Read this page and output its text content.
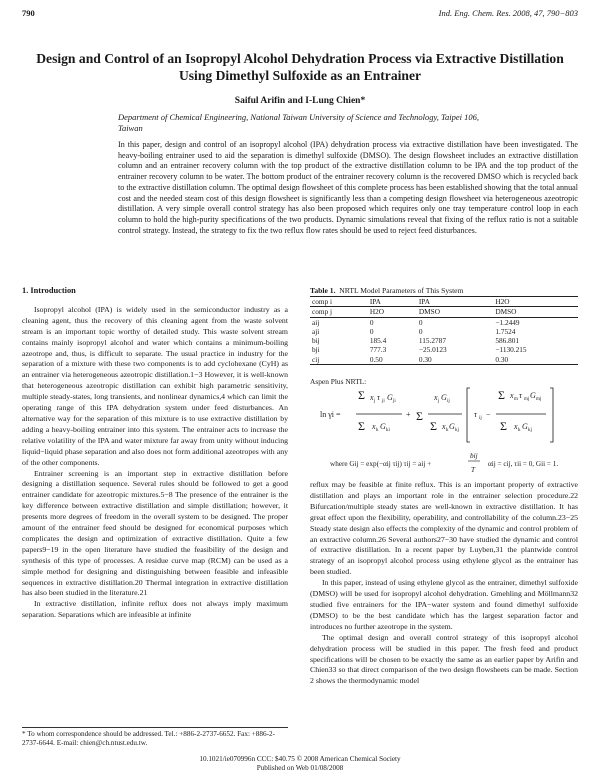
790	Ind. Eng. Chem. Res. 2008, 47, 790−803
Design and Control of an Isopropyl Alcohol Dehydration Process via Extractive Distillation Using Dimethyl Sulfoxide as an Entrainer
Saiful Arifin and I-Lung Chien*
Department of Chemical Engineering, National Taiwan University of Science and Technology, Taipei 106, Taiwan

In this paper, design and control of an isopropyl alcohol (IPA) dehydration process via extractive distillation have been investigated. The heavy-boiling entrainer used to aid the separation is dimethyl sulfoxide (DMSO). The design flowsheet includes an extractive distillation column and an entrainer recovery column with the top product of the extractive distillation column to be IPA and the top product of the entrainer recovery column to be water. The bottom product of the entrainer recovery column is the recovered DMSO which is recycled back to the extractive distillation column. The optimal design flowsheet of this complete process has been established showing that the total annual cost and the needed steam cost of this design flowsheet is significantly less than a competing design flowsheet via heterogeneous azeotropic distillation. A very simple overall control strategy has also been proposed which requires only one tray temperature control loop in each column to hold the high-purity specifications of the two products. Dynamic simulations reveal that fixing of the reflux ratio is not a suitable control strategy. Instead, the strategy to fix the two reflux flow rates should be used to reject feed disturbances.

1. Introduction

Isopropyl alcohol (IPA) is widely used in the semiconductor industry as a cleaning agent, thus the recovery of this cleaning agent from the waste solvent stream is an important topic worthy of detailed study. This waste solvent stream contains mainly isopropyl alcohol and water which contains a minimum-boiling azeotrope and, thus, is difficult to separate. The usual practice in industry for the separation of a mixture with these two components is to add cyclohexane (CyH) as an entrainer via heterogeneous azeotropic distillation.1−3 However, it is well-known that heterogeneous azeotropic distillation can exhibit high parametric sensitivity, multiple steady-states, long transients, and nonlinear dynamics,4 which can limit the operating range of this IPA dehydration system under feed disturbances. An alternative way for the separation of this mixture is to use extractive distillation by adding a heavy-boiling entrainer into this system. The entrainer acts to increase the relative volatility of the IPA and water mixture far away from unity without inducing liquid−liquid phase separation and also does not form additional azeotropes with any of the other components.

Entrainer screening is an important step in extractive distillation before designing a distillation sequence. Several rules should be followed to get a good entrainer candidate for azeotropic mixtures.5−8 The presence of the entrainer is the key difference between extractive distillation and simple distillation; however, it presents more degrees of freedom in the overall system to be designed. The proper amount of the entrainer feed should be designed for economical purposes which complicates the design and optimization of extractive distillation. Quite a few papers9−19 in the open literature have studied the feasibility of the design and synthesis of this type of processes. A residue curve map (RCM) can be used as a simple method for designing and distinguishing between feasible and infeasible sequences in extractive distillation.20 Thermal integration in extractive distillation has also been studied in the literature.21

In extractive distillation, infinite reflux does not always imply maximum separation. Separations which are infeasible at infinite

Table 1. NRTL Model Parameters of This System
comp i	IPA	IPA	H2O
comp j	H2O	DMSO	DMSO
aij	0	0	−1.2449
aji	0	0	1.7524
bij	185.4	115.2787	586.801
bji	777.3	−25.0123	−1130.215
cij	0.50	0.30	0.30
Aspen Plus NRTL:
ln γi =
Σ x j τ ji G ji
Σ x k G ki
+ Σ
x j G ij
Σ x k G kj
τ ij −
Σ x m τ mj G mj
Σ x k G kj
where Gij = exp(−αij τij) τij = aij +
bij
T
αij = cij, τii = 0, Gii = 1.

reflux may be feasible at finite reflux. This is an important property of extractive distillation and plays an important role in the entrainer selection procedure.22 Bifurcation/multiple steady states are well-known in extractive distillation. It has great effect upon the flexibility, operability, and controllability of the column.23−25 Steady state design also effects the complexity of the dynamic and control problem of an extractive column.26 Several authors27−30 have studied the dynamic and control of extractive distillation. In a recent paper by Luyben,31 the plantwide control strategy of an isopropyl alcohol process using ethylene glycol as the entrainer has been studied.

In this paper, instead of using ethylene glycol as the entrainer, dimethyl sulfoxide (DMSO) will be used for isopropyl alcohol dehydration. Gmehling and Möllmann32 studied five entrainers for the IPA−water system and found dimethyl sulfoxide (DMSO) to be the best candidate which has the largest separation factor and introduces no further azeotrope in the system.

The optimal design and overall control strategy of this isopropyl alcohol dehydration process will be studied in this paper. The fresh feed and product specifications will be chosen to be exactly the same as an earlier paper by Arifin and Chien33 so that direct comparison of the two design flowsheets can be made. Section 2 shows the thermodynamic model

* To whom correspondence should be addressed. Tel.: +886-2-2737-6652. Fax: +886-2-2737-6644. E-mail: chien@ch.ntust.edu.tw.
10.1021/ie070996n CCC: $40.75 © 2008 American Chemical Society
Published on Web 01/08/2008
